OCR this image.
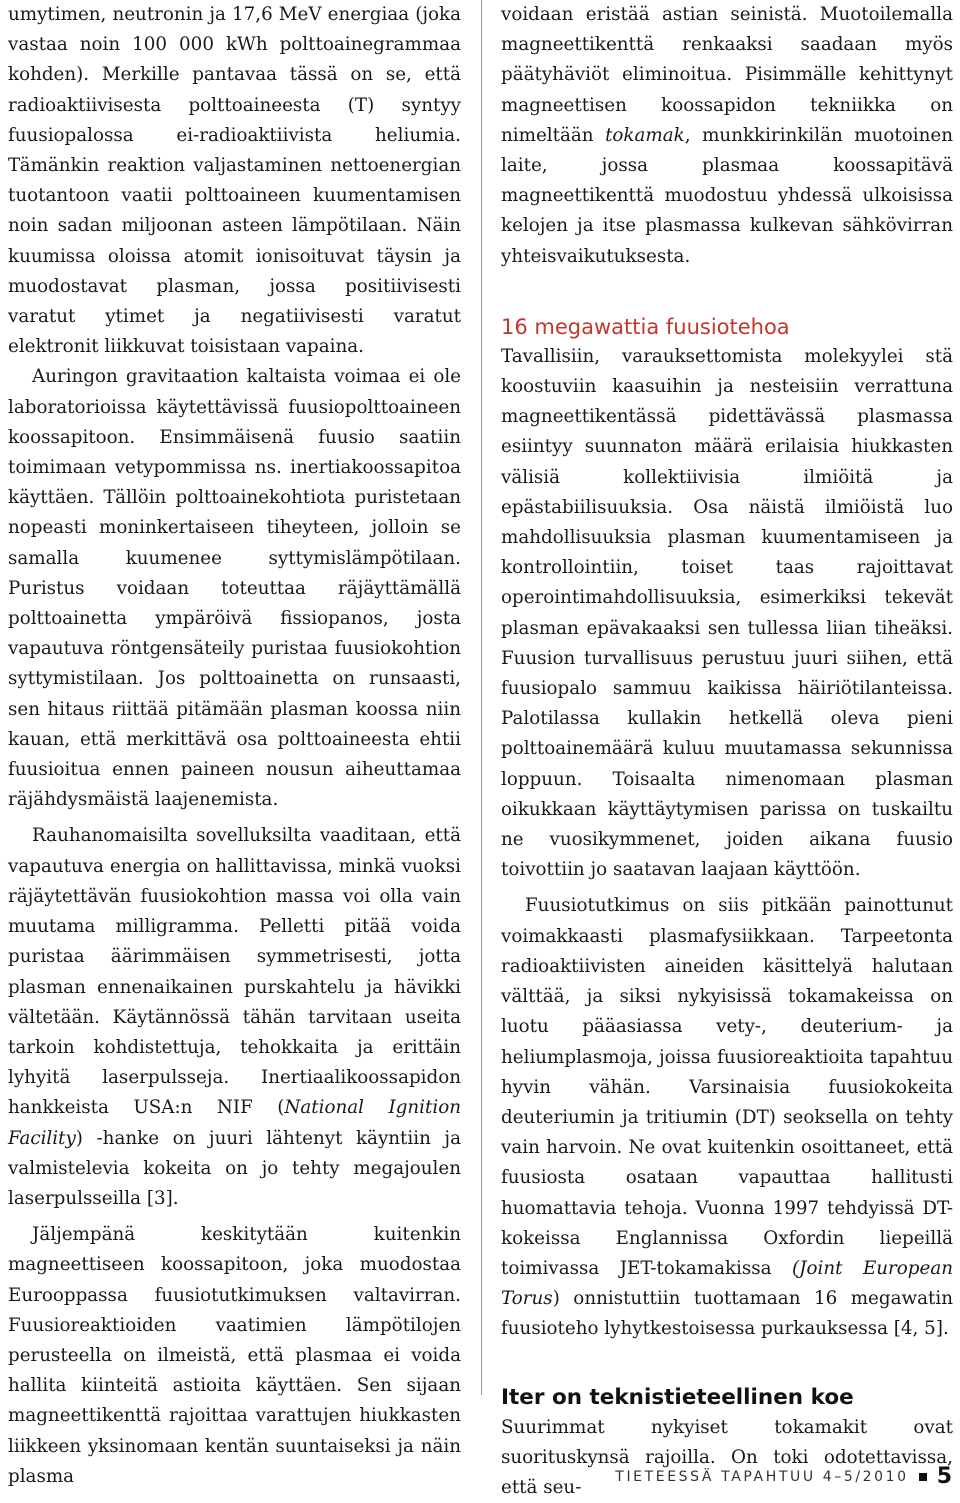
umytimen, neutronin ja 17,6 MeV energiaa (joka vastaa noin 100 000 kWh polttoainegrammaa kohden). Merkille pantavaa tässä on se, että radioaktiivisesta polttoaineesta (T) syntyy fuusiopalossa ei-radioaktiivista heliumia. Tämänkin reaktion valjastaminen nettoenergian tuotantoon vaatii polttoaineen kuumentamisen noin sadan miljoonan asteen lämpötilaan. Näin kuumissa oloissa atomit ionisoituvat täysin ja muodostavat plasman, jossa positiivisesti varatut ytimet ja negatiivisesti varatut elektronit liikkuvat toisistaan vapaina.

Auringon gravitaation kaltaista voimaa ei ole laboratorioissa käytettävissä fuusiopolttoaineen koossapitoon. Ensimmäisenä fuusio saatiin toimimaan vetypommissa ns. inertiakoossapitoa käyttäen. Tällöin polttoainekohtiota puristetaan nopeasti moninkertaiseen tiheyteen, jolloin se samalla kuumenee syttymislämpötilaan. Puristus voidaan toteuttaa räjäyttämällä polttoainetta ympäröivä fissiopanos, josta vapautuva röntgensäteily puristaa fuusiokohtion syttymistilaan. Jos polttoainetta on runsaasti, sen hitaus riittää pitämään plasman koossa niin kauan, että merkittävä osa polttoaineesta ehtii fuusioitua ennen paineen nousun aiheuttamaa räjähdysmäistä laajenemista.

Rauhanomaisilta sovelluksilta vaaditaan, että vapautuva energia on hallittavissa, minkä vuoksi räjäytettävän fuusiokohtion massa voi olla vain muutama milligramma. Pelletti pitää voida puristaa äärimmäisen symmetrisesti, jotta plasman ennenaikainen purskahtelu ja hävikki vältetään. Käytännössä tähän tarvitaan useita tarkoin kohdistettuja, tehokkaita ja erittäin lyhyitä laserpulsseja. Inertiaalikoossapidon hankkeista USA:n NIF (National Ignition Facility) -hanke on juuri lähtenyt käyntiin ja valmistelevia kokeita on jo tehty megajoulen laserpulsseilla [3].

Jäljempänä keskitytään kuitenkin magneettiseen koossapitoon, joka muodostaa Eurooppassa fuusiotutkimuksen valtavirran. Fuusioreaktioiden vaatimien lämpötilojen perusteella on ilmeistä, että plasmaa ei voida hallita kiinteitä astioita käyttäen. Sen sijaan magneettikenttä rajoittaa varattujen hiukkasten liikkeen yksinomaan kentän suuntaiseksi ja näin plasma

voidaan eristää astian seinistä. Muotoilemalla magneettikenttä renkaaksi saadaan myös päätyhäviöt eliminoitua. Pisimmälle kehittynyt magneettisen koossapidon tekniikka on nimeltään tokamak, munkkirinkilän muotoinen laite, jossa plasmaa koossapitävä magneettikenttä muodostuu yhdessä ulkoisissa kelojen ja itse plasmassa kulkevan sähkövirran yhteisvaikutuksesta.

16 megawattia fuusiotehoa

Tavallisiin, varauksettomista molekyylei stä koostuviin kaasuihin ja nesteisiin verrattuna magneettikentässä pidettävässä plasmassa esiintyy suunnaton määrä erilaisia hiukkasten välisiä kollektiivisia ilmiöitä ja epästabiilisuuksia. Osa näistä ilmiöistä luo mahdollisuuksia plasman kuumentamiseen ja kontrollointiin, toiset taas rajoittavat operointimahdollisuuksia, esimerkiksi tekevät plasman epävakaaksi sen tullessa liian tiheäksi. Fuusion turvallisuus perustuu juuri siihen, että fuusiopalo sammuu kaikissa häiriötilanteissa. Palotilassa kullakin hetkellä oleva pieni polttoainemäärä kuluu muutamassa sekunnissa loppuun. Toisaalta nimenomaan plasman oikukkaan käyttäytymisen parissa on tuskailtu ne vuosikymmenet, joiden aikana fuusio toivottiin jo saatavan laajaan käyttöön.

Fuusiotutkimus on siis pitkään painottunut voimakkaasti plasmafysiikkaan. Tarpeetonta radioaktiivisten aineiden käsittelyä halutaan välttää, ja siksi nykyisissä tokamakeissa on luotu pääasiassa vety-, deuterium- ja heliumplasmoja, joissa fuusioreaktioita tapahtuu hyvin vähän. Varsinaisia fuusiokokeita deuteriumin ja tritiumin (DT) seoksella on tehty vain harvoin. Ne ovat kuitenkin osoittaneet, että fuusiosta osataan vapauttaa hallitusti huomattavia tehoja. Vuonna 1997 tehdyissä DT-kokeissa Englannissa Oxfordin liepeillä toimivassa JET-tokamakissa (Joint European Torus) onnistuttiin tuottamaan 16 megawatin fuusioteho lyhytkestoisessa purkauksessa [4, 5].

Iter on teknistieteellinen koe

Suurimmat nykyiset tokamakit ovat suorituskynsä rajoilla. On toki odotettavissa, että seu-	TIETEESSÄ TAPAHTUU 4–5/2010 5
